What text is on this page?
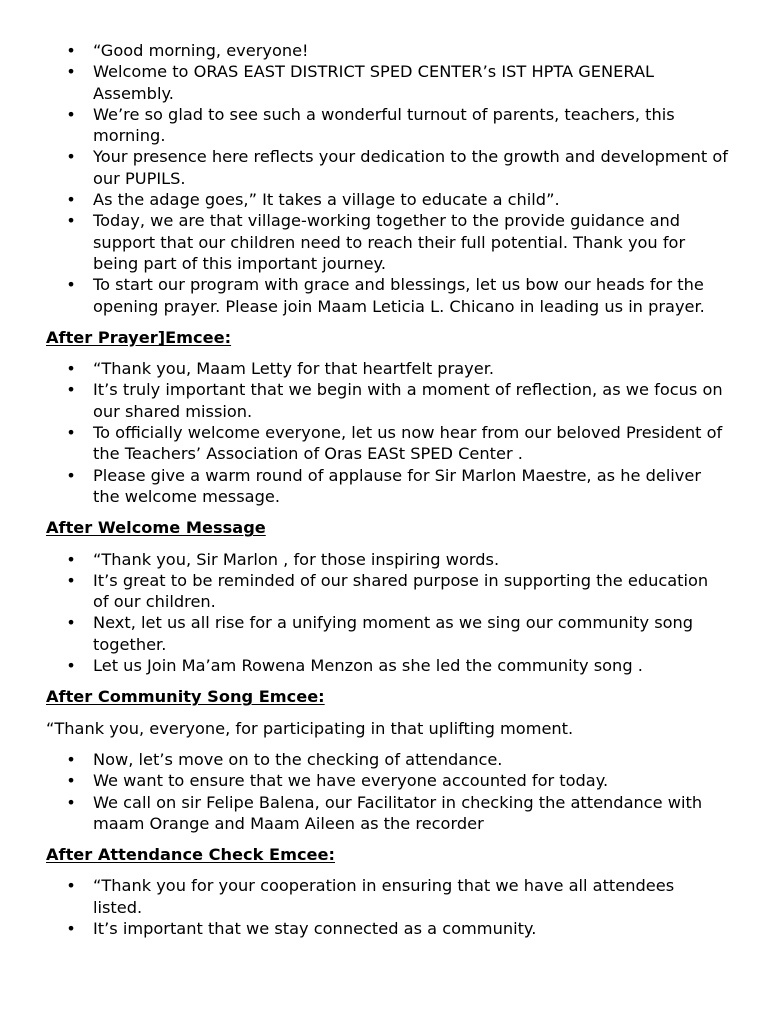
• “Good morning, everyone!
• Welcome to ORAS EAST DISTRICT SPED CENTER’s IST HPTA GENERAL Assembly.
• We’re so glad to see such a wonderful turnout of parents, teachers, this morning.
• Your presence here reflects your dedication to the growth and development of our PUPILS.
• As the adage goes,” It takes a village to educate a child”.
• Today, we are that village-working together to the provide guidance and support that our children need to reach their full potential. Thank you for being part of this important journey.
• To start our program with grace and blessings, let us bow our heads for the opening prayer. Please join Maam Leticia L. Chicano in leading us in prayer.

After Prayer]Emcee:

• “Thank you, Maam Letty for that heartfelt prayer.
• It’s truly important that we begin with a moment of reflection, as we focus on our shared mission.
• To officially welcome everyone, let us now hear from our beloved President of the Teachers’ Association of Oras EASt SPED Center .
• Please give a warm round of applause for Sir Marlon Maestre, as he deliver the welcome message.

After Welcome Message

• “Thank you, Sir Marlon , for those inspiring words.
• It’s great to be reminded of our shared purpose in supporting the education of our children.
• Next, let us all rise for a unifying moment as we sing our community song together.
• Let us Join Ma’am Rowena Menzon as she led the community song .

After Community Song Emcee:

“Thank you, everyone, for participating in that uplifting moment.

• Now, let’s move on to the checking of attendance.
• We want to ensure that we have everyone accounted for today.
• We call on sir Felipe Balena, our Facilitator in checking the attendance with maam Orange and Maam Aileen as the recorder

After Attendance Check Emcee:

• “Thank you for your cooperation in ensuring that we have all attendees listed.
• It’s important that we stay connected as a community.
